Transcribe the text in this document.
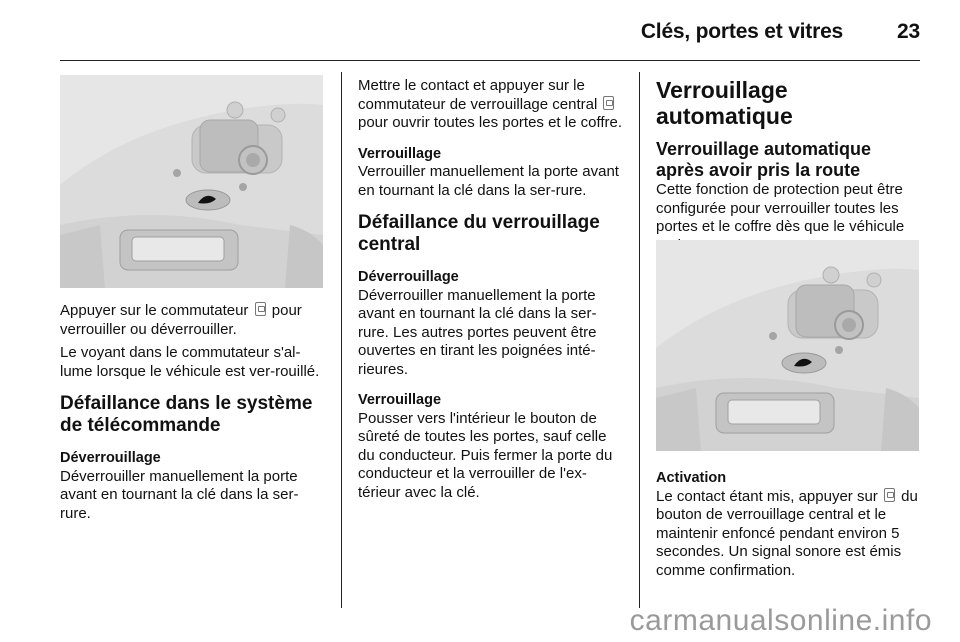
Clés, portes et vitres	23

Appuyer sur le commutateur pour verrouiller ou déverrouiller.

Le voyant dans le commutateur s'al-lume lorsque le véhicule est ver-rouillé.

Défaillance dans le système de télécommande

Déverrouillage

Déverrouiller manuellement la porte avant en tournant la clé dans la ser-rure.

Mettre le contact et appuyer sur le commutateur de verrouillage central  pour ouvrir toutes les portes et le coffre.

Verrouillage

Verrouiller manuellement la porte avant en tournant la clé dans la ser-rure.

Défaillance du verrouillage central

Déverrouillage

Déverrouiller manuellement la porte avant en tournant la clé dans la ser-rure. Les autres portes peuvent être ouvertes en tirant les poignées inté-rieures.

Verrouillage

Pousser vers l'intérieur le bouton de sûreté de toutes les portes, sauf celle du conducteur. Puis fermer la porte du conducteur et la verrouiller de l'ex-térieur avec la clé.

Verrouillage automatique

Verrouillage automatique après avoir pris la route

Cette fonction de protection peut être configurée pour verrouiller toutes les portes et le coffre dès que le véhicule

Activation

Le contact étant mis, appuyer sur du bouton de verrouillage central et le maintenir enfoncé pendant environ 5 secondes. Un signal sonore est émis comme confirmation.

carmanualsonline.info
